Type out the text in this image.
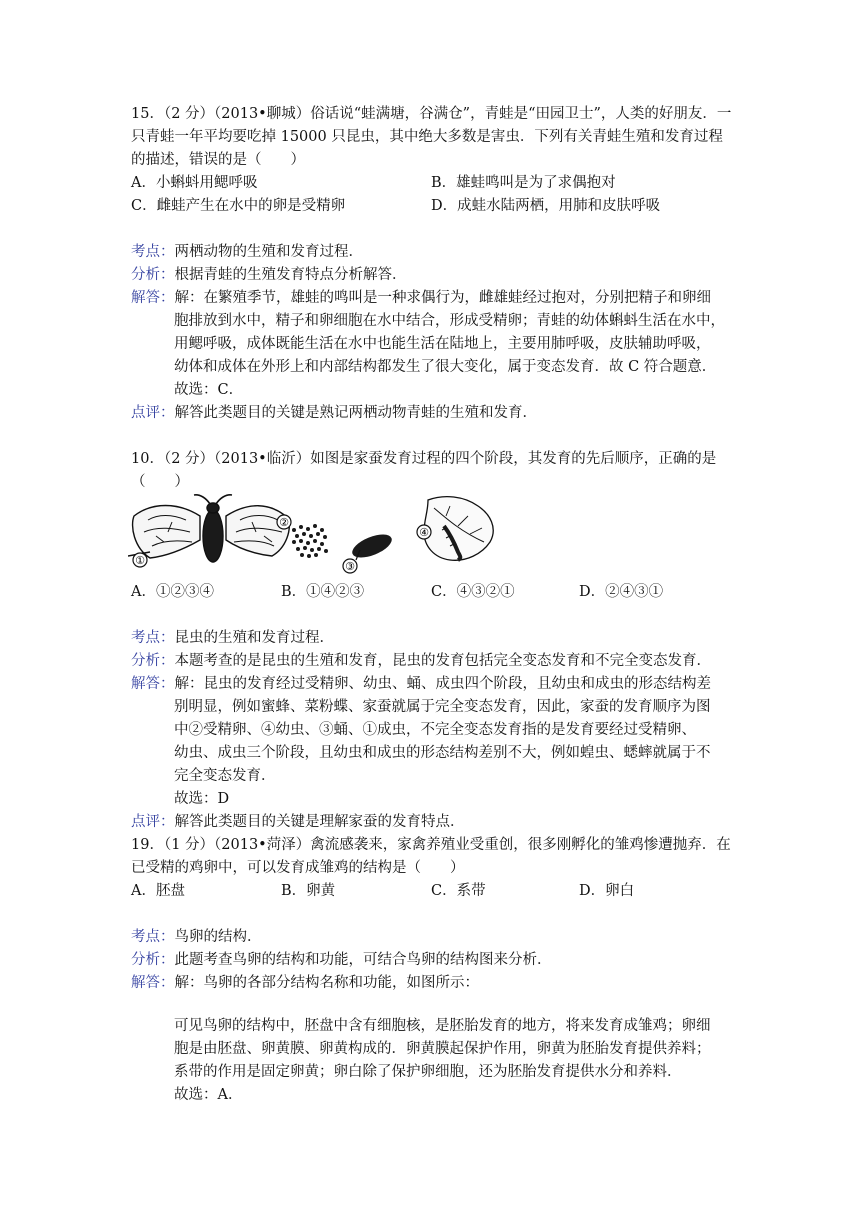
15．（2 分）（2013•聊城）俗话说“蛙满塘，谷满仓”，青蛙是“田园卫士”，人类的好朋友．一
只青蛙一年平均要吃掉 15000 只昆虫，其中绝大多数是害虫．下列有关青蛙生殖和发育过程
的描述，错误的是（　　）
A．小蝌蚪用鳃呼吸	B．雄蛙鸣叫是为了求偶抱对
C．雌蛙产生在水中的卵是受精卵	D．成蛙水陆两栖，用肺和皮肤呼吸
考点：两栖动物的生殖和发育过程．
分析：根据青蛙的生殖发育特点分析解答．
解答：解：在繁殖季节，雄蛙的鸣叫是一种求偶行为，雌雄蛙经过抱对，分别把精子和卵细
胞排放到水中，精子和卵细胞在水中结合，形成受精卵；青蛙的幼体蝌蚪生活在水中，
用鳃呼吸，成体既能生活在水中也能生活在陆地上，主要用肺呼吸，皮肤辅助呼吸，
幼体和成体在外形上和内部结构都发生了很大变化，属于变态发育．故 C 符合题意．
故选：C．
点评：解答此类题目的关键是熟记两栖动物青蛙的生殖和发育．
10．（2 分）（2013•临沂）如图是家蚕发育过程的四个阶段，其发育的先后顺序，正确的是
（　　）
①
②
③
④
A．①②③④	B．①④②③	C．④③②①	D．②④③①
考点：昆虫的生殖和发育过程．
分析：本题考查的是昆虫的生殖和发育，昆虫的发育包括完全变态发育和不完全变态发育．
解答：解：昆虫的发育经过受精卵、幼虫、蛹、成虫四个阶段，且幼虫和成虫的形态结构差
别明显，例如蜜蜂、菜粉蝶、家蚕就属于完全变态发育，因此，家蚕的发育顺序为图
中②受精卵、④幼虫、③蛹、①成虫，不完全变态发育指的是发育要经过受精卵、
幼虫、成虫三个阶段，且幼虫和成虫的形态结构差别不大，例如蝗虫、蟋蟀就属于不
完全变态发育．
故选：D
点评：解答此类题目的关键是理解家蚕的发育特点．
19．（1 分）（2013•菏泽）禽流感袭来，家禽养殖业受重创，很多刚孵化的雏鸡惨遭抛弃．在
已受精的鸡卵中，可以发育成雏鸡的结构是（　　）
A．胚盘	B．卵黄	C．系带	D．卵白
考点：鸟卵的结构．
分析：此题考查鸟卵的结构和功能，可结合鸟卵的结构图来分析．
解答：解：鸟卵的各部分结构名称和功能，如图所示：
可见鸟卵的结构中，胚盘中含有细胞核，是胚胎发育的地方，将来发育成雏鸡；卵细
胞是由胚盘、卵黄膜、卵黄构成的．卵黄膜起保护作用，卵黄为胚胎发育提供养料；
系带的作用是固定卵黄；卵白除了保护卵细胞，还为胚胎发育提供水分和养料．
故选：A．
